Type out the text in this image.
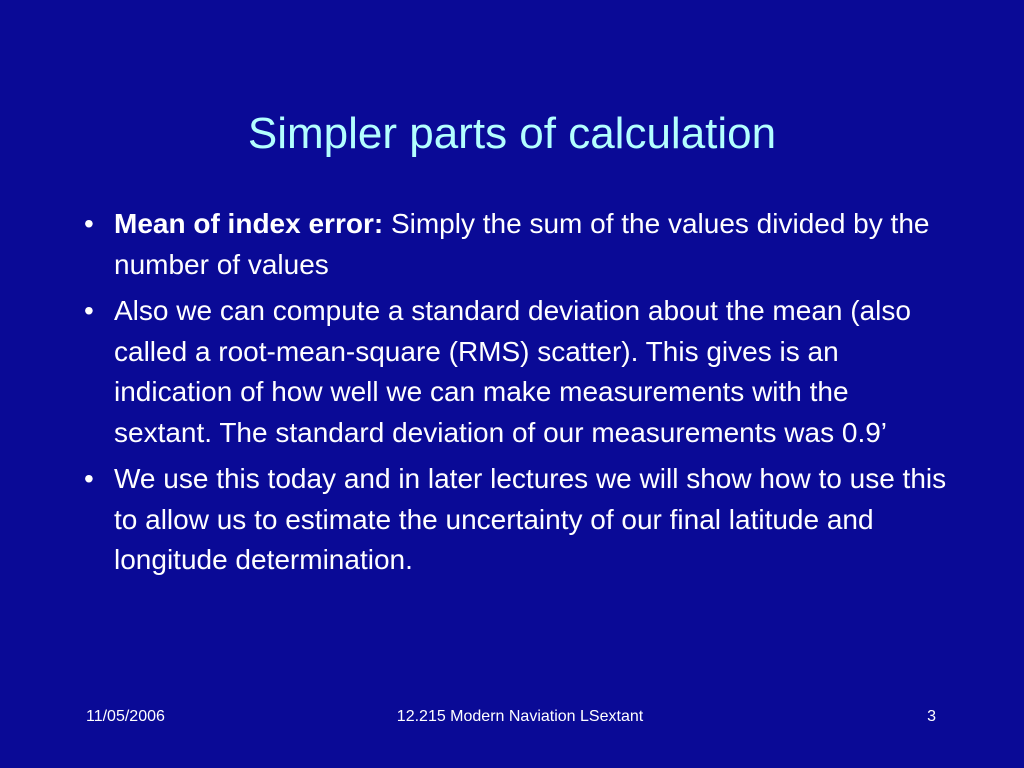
Simpler parts of calculation
• Mean of index error: Simply the sum of the values divided by the number of values
• Also we can compute a standard deviation about the mean (also called a root-mean-square (RMS) scatter). This gives is an indication of how well we can make measurements with the sextant. The standard deviation of our measurements was 0.9’
• We use this today and in later lectures we will show how to use this to allow us to estimate the uncertainty of our final latitude and longitude determination.
11/05/2006	12.215 Modern Naviation LSextant	3
